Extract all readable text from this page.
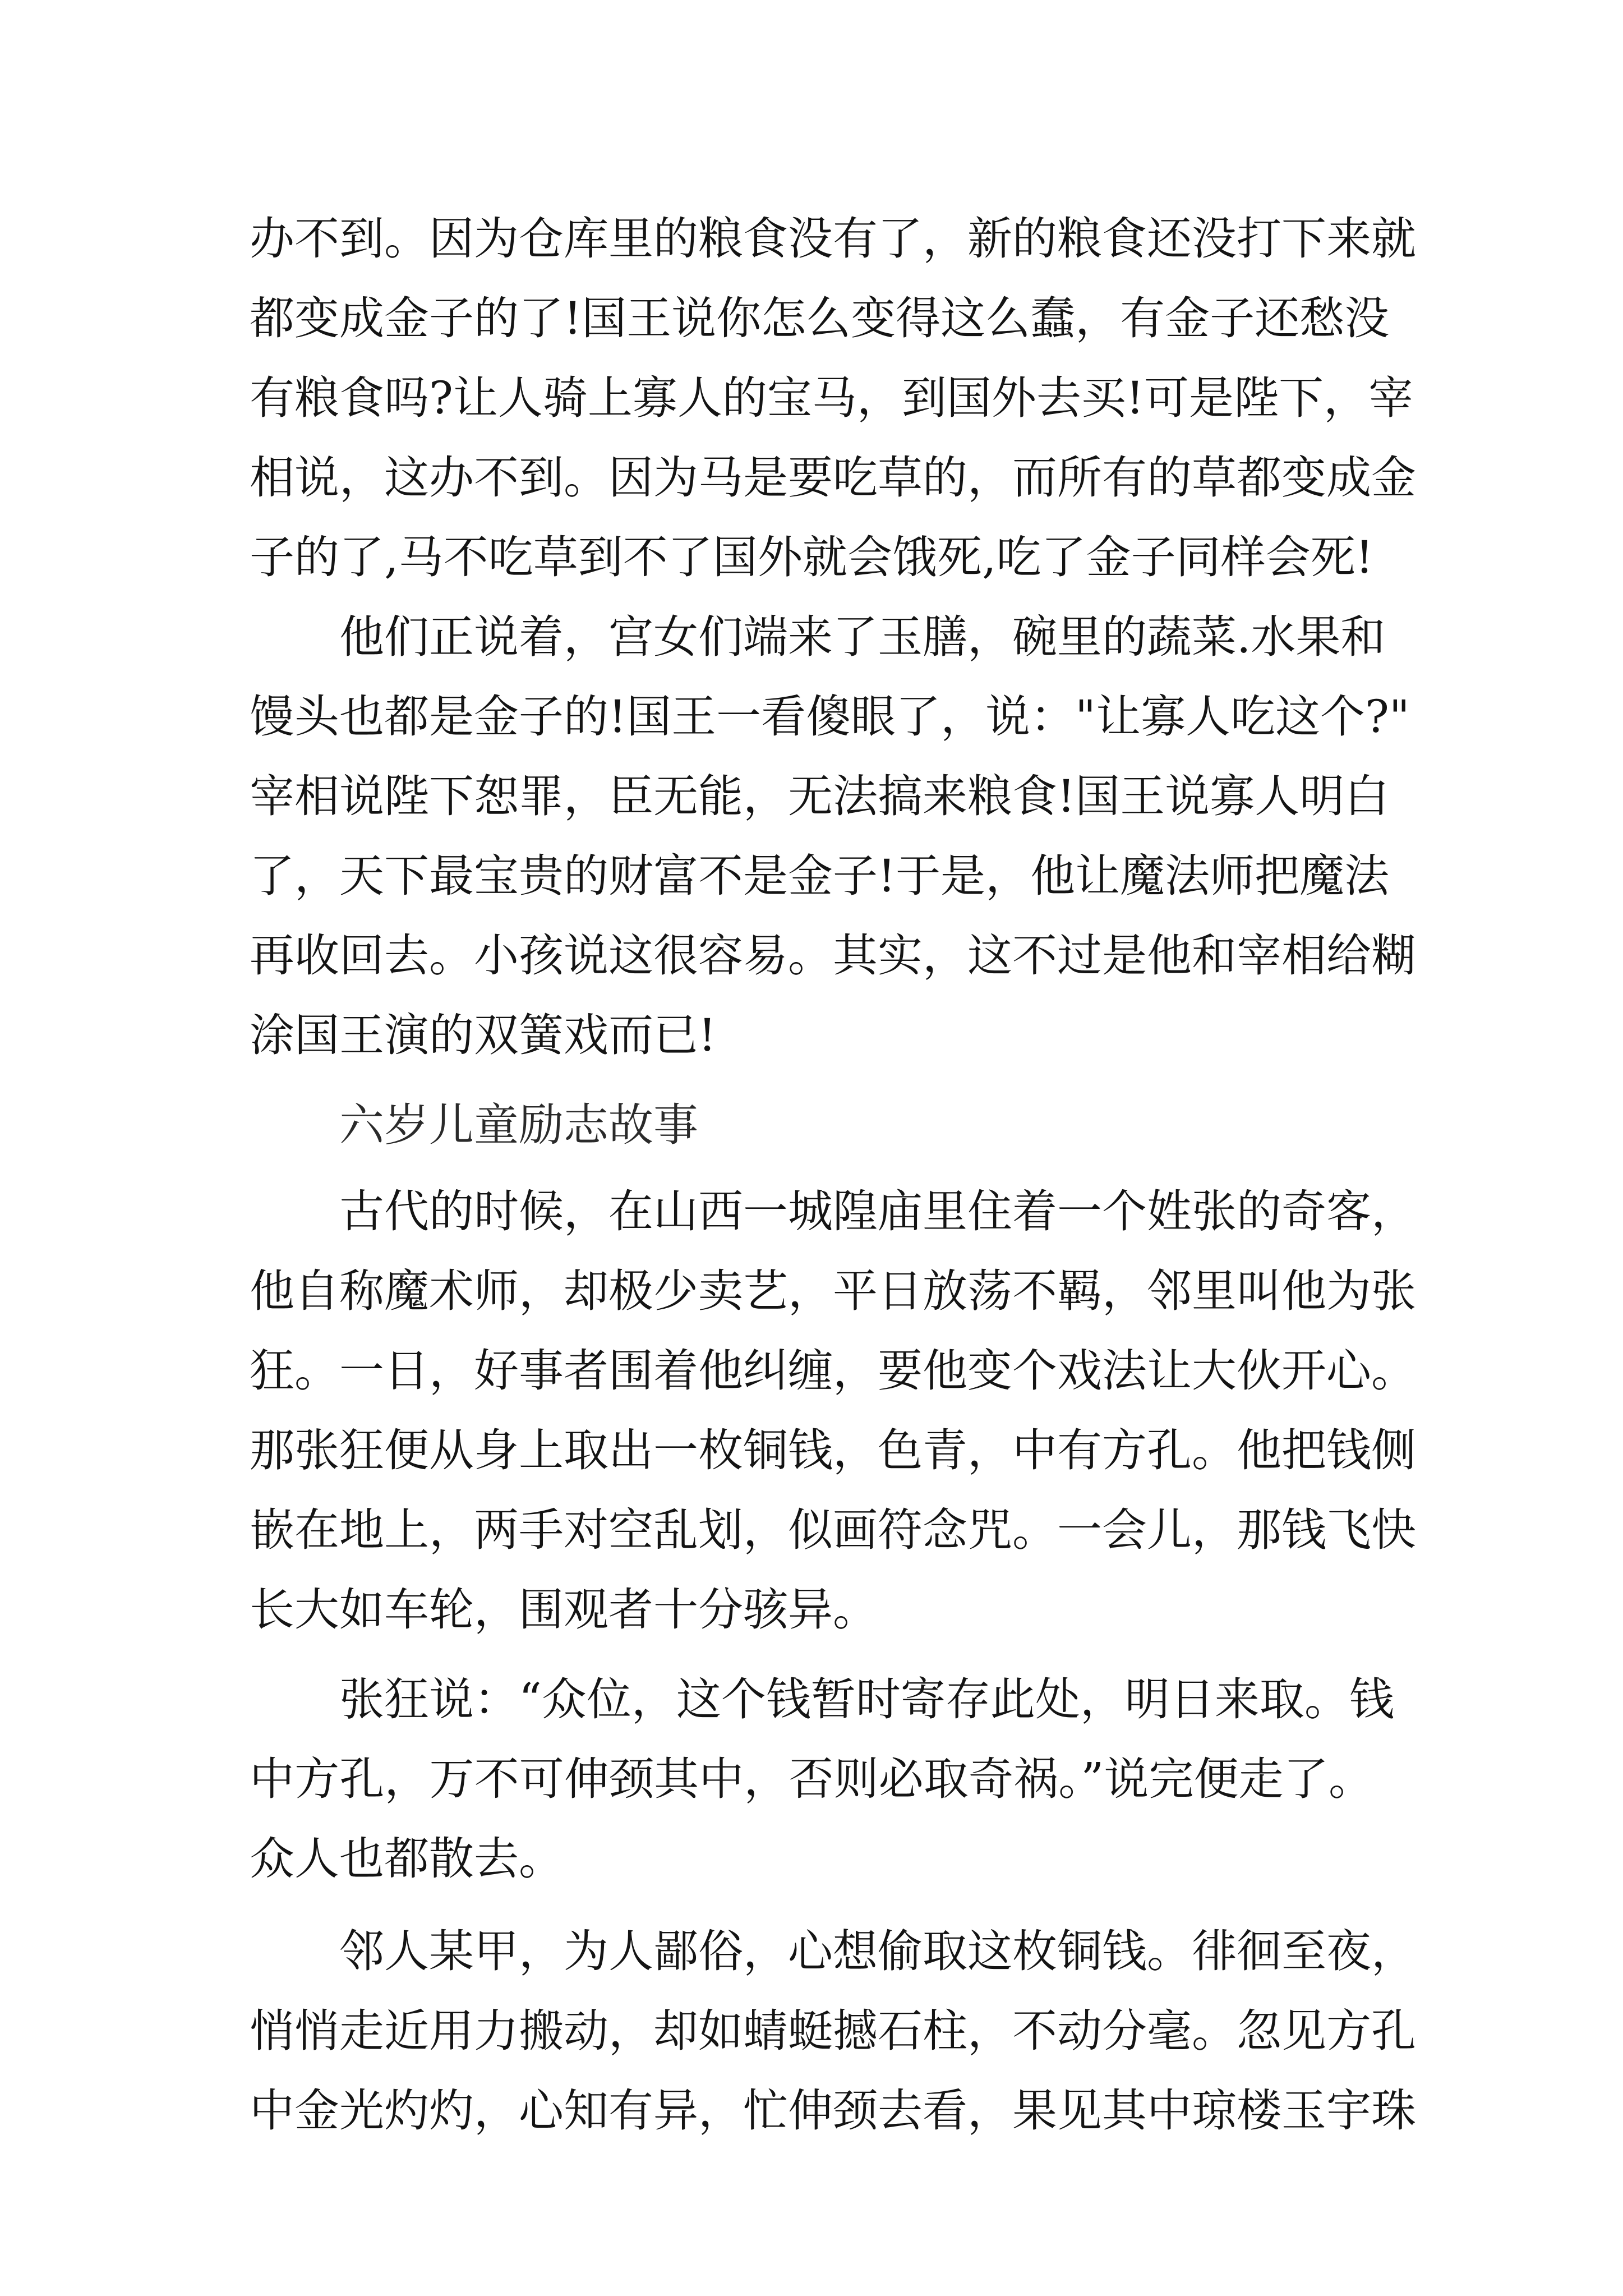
办不到。因为仓库里的粮食没有了，新的粮食还没打下来就
都变成金子的了!国王说你怎么变得这么蠢，有金子还愁没
有粮食吗?让人骑上寡人的宝马，到国外去买!可是陛下，宰
相说，这办不到。因为马是要吃草的，而所有的草都变成金
子的了,马不吃草到不了国外就会饿死,吃了金子同样会死!
他们正说着，宫女们端来了玉膳，碗里的蔬菜.水果和
馒头也都是金子的!国王一看傻眼了，说："让寡人吃这个?"
宰相说陛下恕罪，臣无能，无法搞来粮食!国王说寡人明白
了，天下最宝贵的财富不是金子!于是，他让魔法师把魔法
再收回去。小孩说这很容易。其实，这不过是他和宰相给糊
涂国王演的双簧戏而已!
六岁儿童励志故事
古代的时候，在山西一城隍庙里住着一个姓张的奇客，
他自称魔术师，却极少卖艺，平日放荡不羁，邻里叫他为张
狂。一日，好事者围着他纠缠，要他变个戏法让大伙开心。
那张狂便从身上取出一枚铜钱，色青，中有方孔。他把钱侧
嵌在地上，两手对空乱划，似画符念咒。一会儿，那钱飞快
长大如车轮，围观者十分骇异。
张狂说：“众位，这个钱暂时寄存此处，明日来取。钱
中方孔，万不可伸颈其中，否则必取奇祸。”说完便走了。
众人也都散去。
邻人某甲，为人鄙俗，心想偷取这枚铜钱。徘徊至夜，
悄悄走近用力搬动，却如蜻蜓撼石柱，不动分毫。忽见方孔
中金光灼灼，心知有异，忙伸颈去看，果见其中琼楼玉宇珠
